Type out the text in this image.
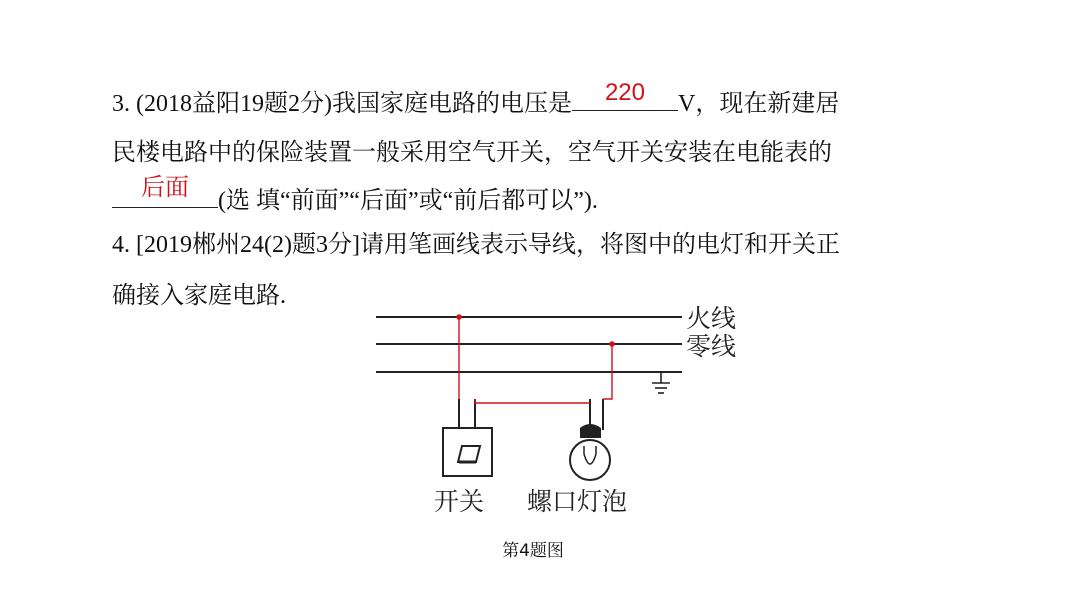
3. (2018益阳19题2分)我国家庭电路的电压是	220	V，现在新建居
民楼电路中的保险装置一般采用空气开关，空气开关安装在电能表的
后面	(选 填“前面”“后面”或“前后都可以”).
4. [2019郴州24(2)题3分]请用笔画线表示导线，将图中的电灯和开关正
确接入家庭电路.
火线
零线
开关 螺口灯泡
第4题图
